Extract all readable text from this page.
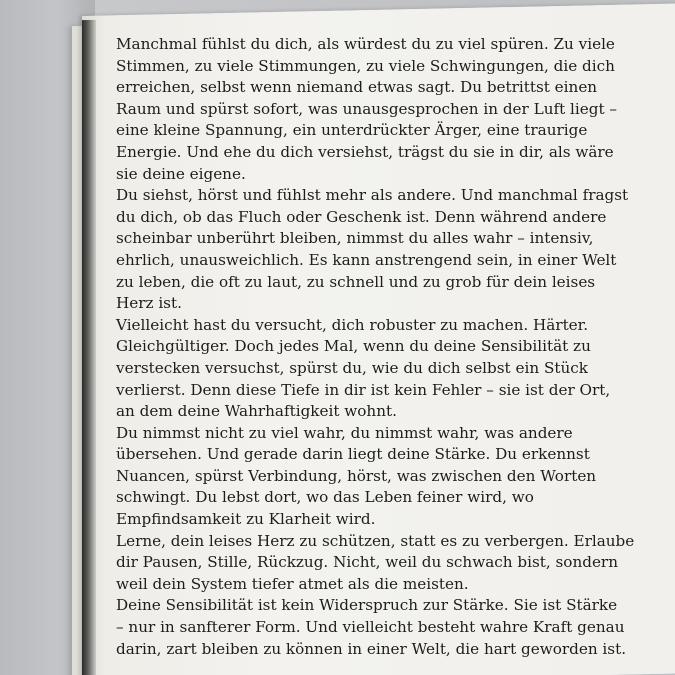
Manchmal fühlst du dich, als würdest du zu viel spüren. Zu viele
Stimmen, zu viele Stimmungen, zu viele Schwingungen, die dich
erreichen, selbst wenn niemand etwas sagt. Du betrittst einen
Raum und spürst sofort, was unausgesprochen in der Luft liegt –
eine kleine Spannung, ein unterdrückter Ärger, eine traurige
Energie. Und ehe du dich versiehst, trägst du sie in dir, als wäre
sie deine eigene.

Du siehst, hörst und fühlst mehr als andere. Und manchmal fragst
du dich, ob das Fluch oder Geschenk ist. Denn während andere
scheinbar unberührt bleiben, nimmst du alles wahr – intensiv,
ehrlich, unausweichlich. Es kann anstrengend sein, in einer Welt
zu leben, die oft zu laut, zu schnell und zu grob für dein leises
Herz ist.

Vielleicht hast du versucht, dich robuster zu machen. Härter.
Gleichgültiger. Doch jedes Mal, wenn du deine Sensibilität zu
verstecken versuchst, spürst du, wie du dich selbst ein Stück
verlierst. Denn diese Tiefe in dir ist kein Fehler – sie ist der Ort,
an dem deine Wahrhaftigkeit wohnt.

Du nimmst nicht zu viel wahr, du nimmst wahr, was andere
übersehen. Und gerade darin liegt deine Stärke. Du erkennst
Nuancen, spürst Verbindung, hörst, was zwischen den Worten
schwingt. Du lebst dort, wo das Leben feiner wird, wo
Empfindsamkeit zu Klarheit wird.

Lerne, dein leises Herz zu schützen, statt es zu verbergen. Erlaube
dir Pausen, Stille, Rückzug. Nicht, weil du schwach bist, sondern
weil dein System tiefer atmet als die meisten.

Deine Sensibilität ist kein Widerspruch zur Stärke. Sie ist Stärke
– nur in sanfterer Form. Und vielleicht besteht wahre Kraft genau
darin, zart bleiben zu können in einer Welt, die hart geworden ist.
